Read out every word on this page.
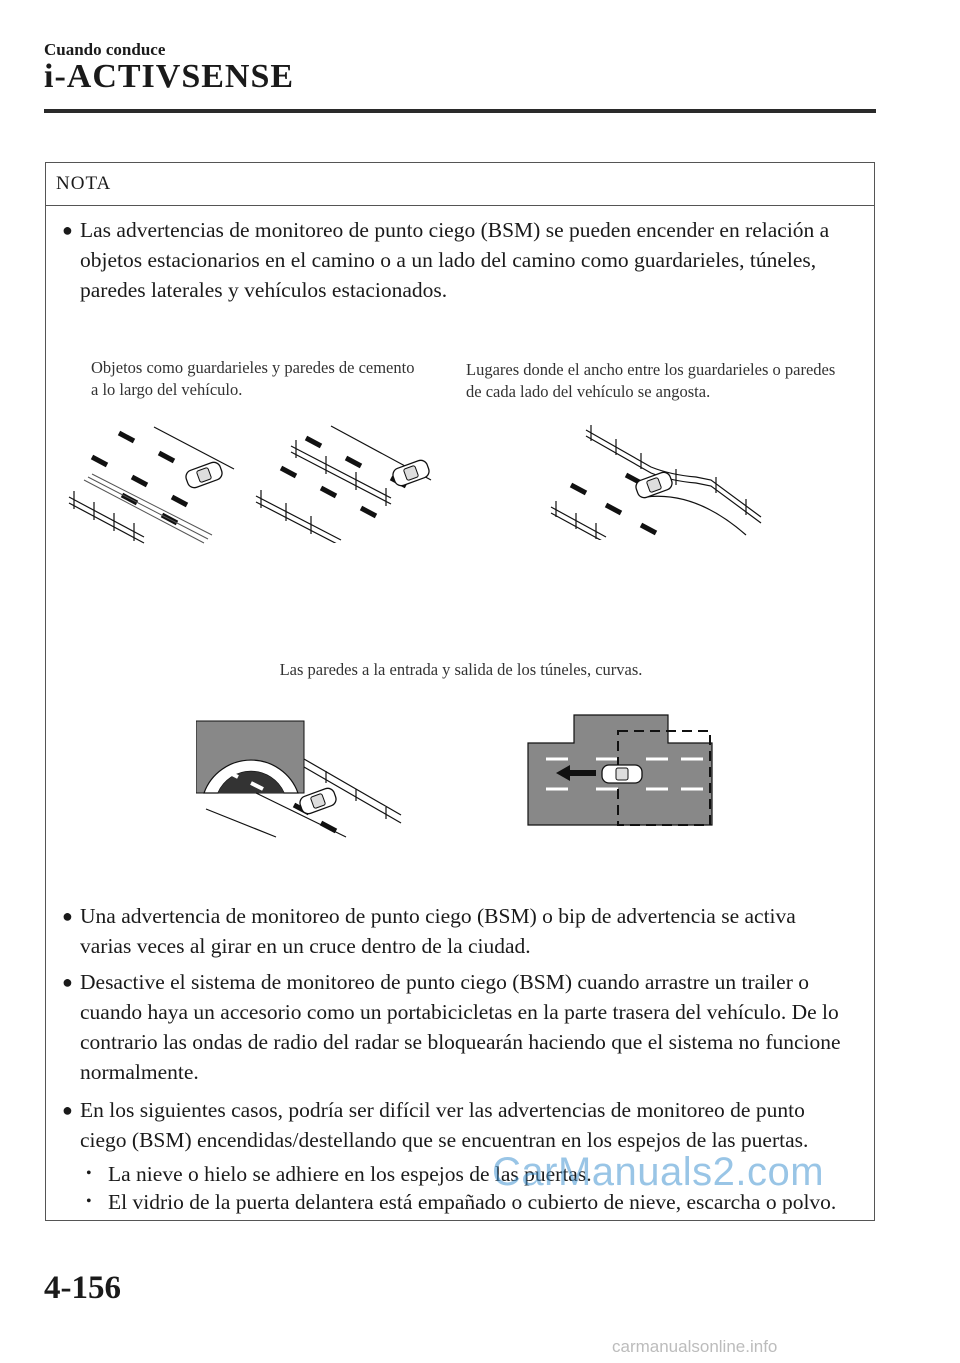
Cuando conduce
i-ACTIVSENSE
NOTA
● Las advertencias de monitoreo de punto ciego (BSM) se pueden encender en relación a objetos estacionarios en el camino o a un lado del camino como guardarieles, túneles, paredes laterales y vehículos estacionados.
Objetos como guardarieles y paredes de cemento a lo largo del vehículo.
Lugares donde el ancho entre los guardarieles o paredes de cada lado del vehículo se angosta.
Las paredes a la entrada y salida de los túneles, curvas.
● Una advertencia de monitoreo de punto ciego (BSM) o bip de advertencia se activa varias veces al girar en un cruce dentro de la ciudad.
● Desactive el sistema de monitoreo de punto ciego (BSM) cuando arrastre un trailer o cuando haya un accesorio como un portabicicletas en la parte trasera del vehículo. De lo contrario las ondas de radio del radar se bloquearán haciendo que el sistema no funcione normalmente.
● En los siguientes casos, podría ser difícil ver las advertencias de monitoreo de punto ciego (BSM) encendidas/destellando que se encuentran en los espejos de las puertas.
• La nieve o hielo se adhiere en los espejos de las puertas.
• El vidrio de la puerta delantera está empañado o cubierto de nieve, escarcha o polvo.
4-156
CarManuals2.com
carmanualsonline.info
